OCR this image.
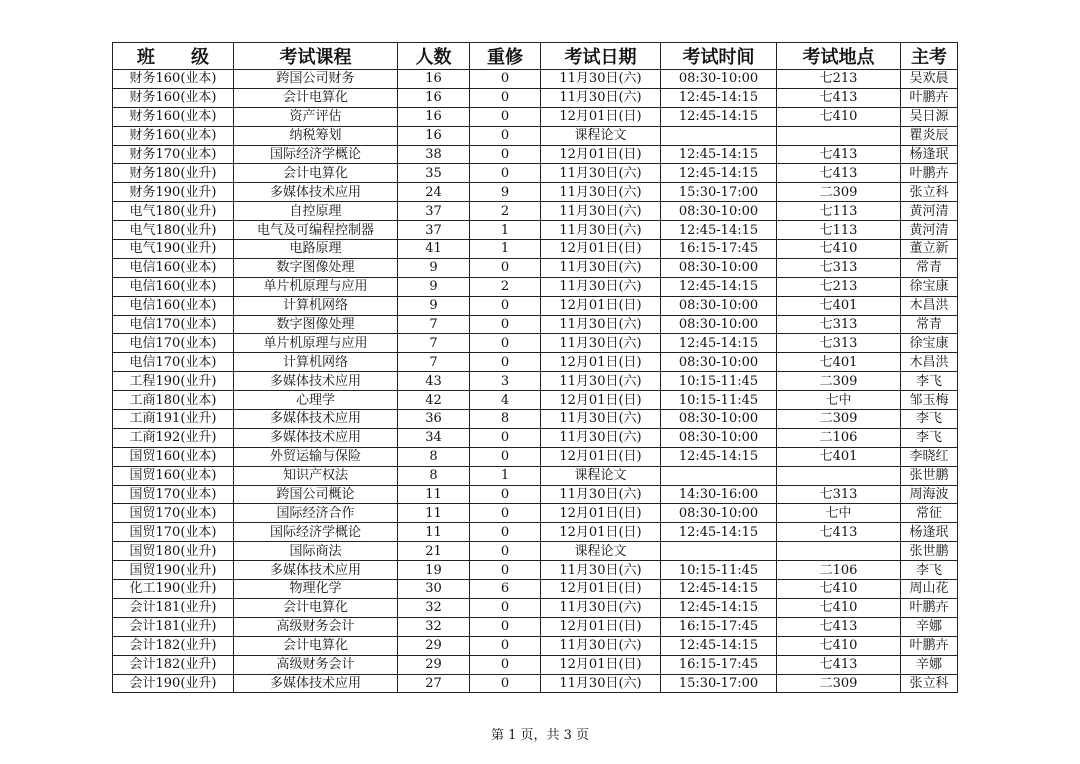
班　　级	考试课程	人数	重修	考试日期	考试时间	考试地点	主考
财务160(业本)	跨国公司财务	16	0	11月30日(六)	08:30-10:00	七213	吴欢晨
财务160(业本)	会计电算化	16	0	11月30日(六)	12:45-14:15	七413	叶鹏卉
财务160(业本)	资产评估	16	0	12月01日(日)	12:45-14:15	七410	吴日源
财务160(业本)	纳税筹划	16	0	课程论文			瞿炎辰
财务170(业本)	国际经济学概论	38	0	12月01日(日)	12:45-14:15	七413	杨逢珉
财务180(业升)	会计电算化	35	0	11月30日(六)	12:45-14:15	七413	叶鹏卉
财务190(业升)	多媒体技术应用	24	9	11月30日(六)	15:30-17:00	二309	张立科
电气180(业升)	自控原理	37	2	11月30日(六)	08:30-10:00	七113	黄河清
电气180(业升)	电气及可编程控制器	37	1	11月30日(六)	12:45-14:15	七113	黄河清
电气190(业升)	电路原理	41	1	12月01日(日)	16:15-17:45	七410	董立新
电信160(业本)	数字图像处理	9	0	11月30日(六)	08:30-10:00	七313	常青
电信160(业本)	单片机原理与应用	9	2	11月30日(六)	12:45-14:15	七213	徐宝康
电信160(业本)	计算机网络	9	0	12月01日(日)	08:30-10:00	七401	木昌洪
电信170(业本)	数字图像处理	7	0	11月30日(六)	08:30-10:00	七313	常青
电信170(业本)	单片机原理与应用	7	0	11月30日(六)	12:45-14:15	七313	徐宝康
电信170(业本)	计算机网络	7	0	12月01日(日)	08:30-10:00	七401	木昌洪
工程190(业升)	多媒体技术应用	43	3	11月30日(六)	10:15-11:45	二309	李飞
工商180(业本)	心理学	42	4	12月01日(日)	10:15-11:45	七中	邹玉梅
工商191(业升)	多媒体技术应用	36	8	11月30日(六)	08:30-10:00	二309	李飞
工商192(业升)	多媒体技术应用	34	0	11月30日(六)	08:30-10:00	二106	李飞
国贸160(业本)	外贸运输与保险	8	0	12月01日(日)	12:45-14:15	七401	李晓红
国贸160(业本)	知识产权法	8	1	课程论文			张世鹏
国贸170(业本)	跨国公司概论	11	0	11月30日(六)	14:30-16:00	七313	周海波
国贸170(业本)	国际经济合作	11	0	12月01日(日)	08:30-10:00	七中	常征
国贸170(业本)	国际经济学概论	11	0	12月01日(日)	12:45-14:15	七413	杨逢珉
国贸180(业升)	国际商法	21	0	课程论文			张世鹏
国贸190(业升)	多媒体技术应用	19	0	11月30日(六)	10:15-11:45	二106	李飞
化工190(业升)	物理化学	30	6	12月01日(日)	12:45-14:15	七410	周山花
会计181(业升)	会计电算化	32	0	11月30日(六)	12:45-14:15	七410	叶鹏卉
会计181(业升)	高级财务会计	32	0	12月01日(日)	16:15-17:45	七413	辛娜
会计182(业升)	会计电算化	29	0	11月30日(六)	12:45-14:15	七410	叶鹏卉
会计182(业升)	高级财务会计	29	0	12月01日(日)	16:15-17:45	七413	辛娜
会计190(业升)	多媒体技术应用	27	0	11月30日(六)	15:30-17:00	二309	张立科
第 1 页，共 3 页
